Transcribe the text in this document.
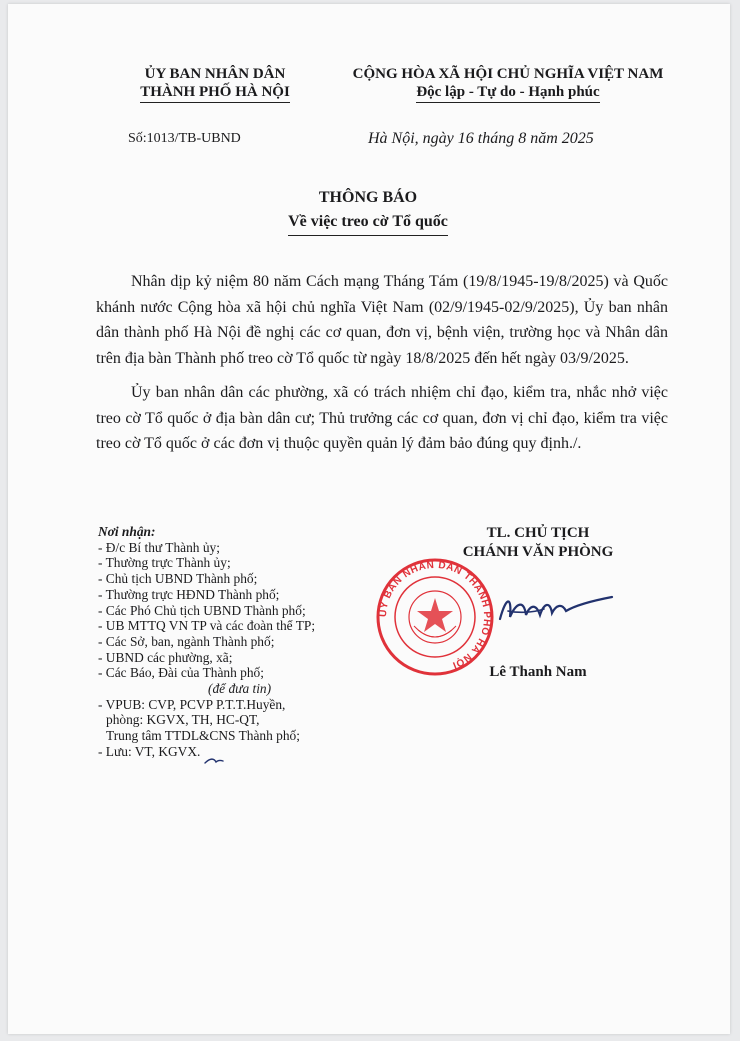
ỦY BAN NHÂN DÂN
THÀNH PHỐ HÀ NỘI
CỘNG HÒA XÃ HỘI CHỦ NGHĨA VIỆT NAM
Độc lập - Tự do - Hạnh phúc
Số:1013/TB-UBND	Hà Nội, ngày 16 tháng 8 năm 2025
THÔNG BÁO
Về việc treo cờ Tổ quốc

Nhân dịp kỷ niệm 80 năm Cách mạng Tháng Tám (19/8/1945-19/8/2025) và Quốc khánh nước Cộng hòa xã hội chủ nghĩa Việt Nam (02/9/1945-02/9/2025), Ủy ban nhân dân thành phố Hà Nội đề nghị các cơ quan, đơn vị, bệnh viện, trường học và Nhân dân trên địa bàn Thành phố treo cờ Tổ quốc từ ngày 18/8/2025 đến hết ngày 03/9/2025.

Ủy ban nhân dân các phường, xã có trách nhiệm chỉ đạo, kiểm tra, nhắc nhở việc treo cờ Tổ quốc ở địa bàn dân cư; Thủ trưởng các cơ quan, đơn vị chỉ đạo, kiểm tra việc treo cờ Tổ quốc ở các đơn vị thuộc quyền quản lý đảm bảo đúng quy định./.

Nơi nhận:
- Đ/c Bí thư Thành ủy;
- Thường trực Thành ủy;
- Chủ tịch UBND Thành phố;
- Thường trực HĐND Thành phố;
- Các Phó Chủ tịch UBND Thành phố;
- UB MTTQ VN TP và các đoàn thể TP;
- Các Sở, ban, ngành Thành phố;
- UBND các phường, xã;
- Các Báo, Đài của Thành phố;
(để đưa tin)
- VPUB: CVP, PCVP P.T.T.Huyền,
phòng: KGVX, TH, HC-QT,
Trung tâm TTDL&CNS Thành phố;
- Lưu: VT, KGVX.
TL. CHỦ TỊCH
CHÁNH VĂN PHÒNG
ỦY BAN NHÂN DÂN THÀNH PHỐ HÀ NỘI	Lê Thanh Nam
